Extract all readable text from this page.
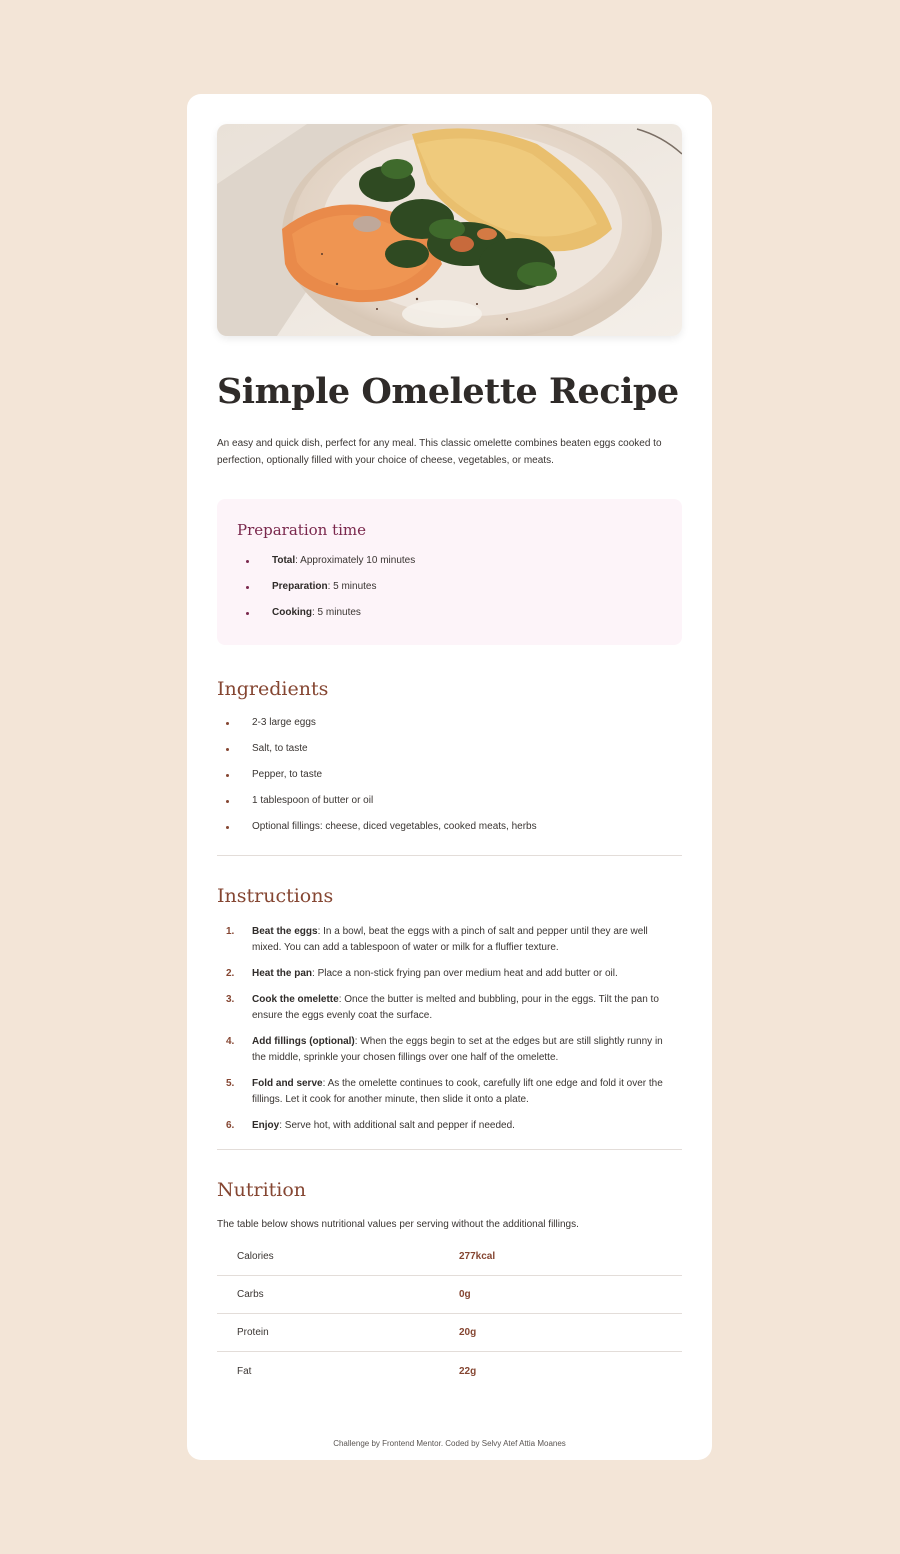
Simple Omelette Recipe

An easy and quick dish, perfect for any meal. This classic omelette combines beaten eggs cooked to perfection, optionally filled with your choice of cheese, vegetables, or meats.

Preparation time
Total: Approximately 10 minutes
Preparation: 5 minutes
Cooking: 5 minutes
Ingredients
2-3 large eggs
Salt, to taste
Pepper, to taste
1 tablespoon of butter or oil
Optional fillings: cheese, diced vegetables, cooked meats, herbs
Instructions
1. Beat the eggs: In a bowl, beat the eggs with a pinch of salt and pepper until they are well mixed. You can add a tablespoon of water or milk for a fluffier texture.
2. Heat the pan: Place a non-stick frying pan over medium heat and add butter or oil.
3. Cook the omelette: Once the butter is melted and bubbling, pour in the eggs. Tilt the pan to ensure the eggs evenly coat the surface.
4. Add fillings (optional): When the eggs begin to set at the edges but are still slightly runny in the middle, sprinkle your chosen fillings over one half of the omelette.
5. Fold and serve: As the omelette continues to cook, carefully lift one edge and fold it over the fillings. Let it cook for another minute, then slide it onto a plate.
6. Enjoy: Serve hot, with additional salt and pepper if needed.
Nutrition

The table below shows nutritional values per serving without the additional fillings.

Calories	277kcal
Carbs	0g
Protein	20g
Fat	22g
Challenge by Frontend Mentor. Coded by Selvy Atef Attia Moanes
